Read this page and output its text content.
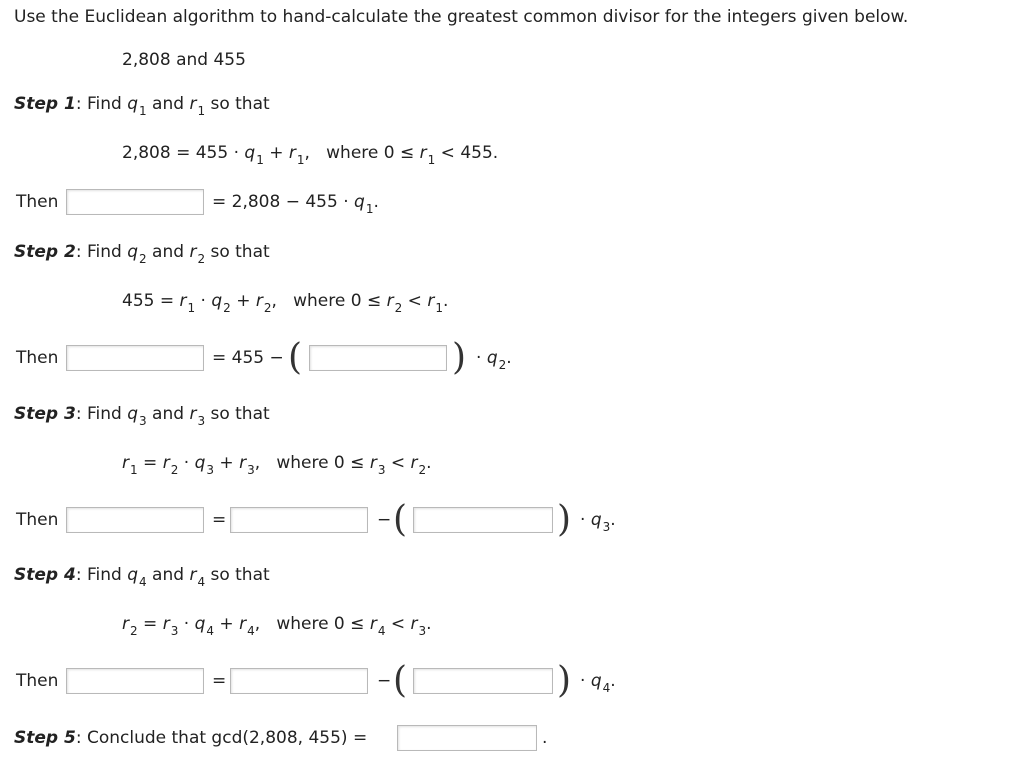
Use the Euclidean algorithm to hand-calculate the greatest common divisor for the integers given below.
2,808 and 455
Step 1: Find $q_1$ and $r_1$ so that
$2,808 = 455 \cdot q_1 + r_1$,   where $0 \le r_1 < 455$.
Then	= $2,808 - 455 \cdot q_1$.
Step 2: Find $q_2$ and $r_2$ so that
$455 = r_1 \cdot q_2 + r_2$,   where $0 \le r_2 < r_1$.
Then	= 455 − (	) · $q_2$.
Step 3: Find $q_3$ and $r_3$ so that
$r_1 = r_2 \cdot q_3 + r_3$,   where $0 \le r_3 < r_2$.
Then	=	− (	) · $q_3$.
Step 4: Find $q_4$ and $r_4$ so that
$r_2 = r_3 \cdot q_4 + r_4$,   where $0 \le r_4 < r_3$.
Then	=	− (	) · $q_4$.
Step 5: Conclude that gcd(2,808, 455) =	.
